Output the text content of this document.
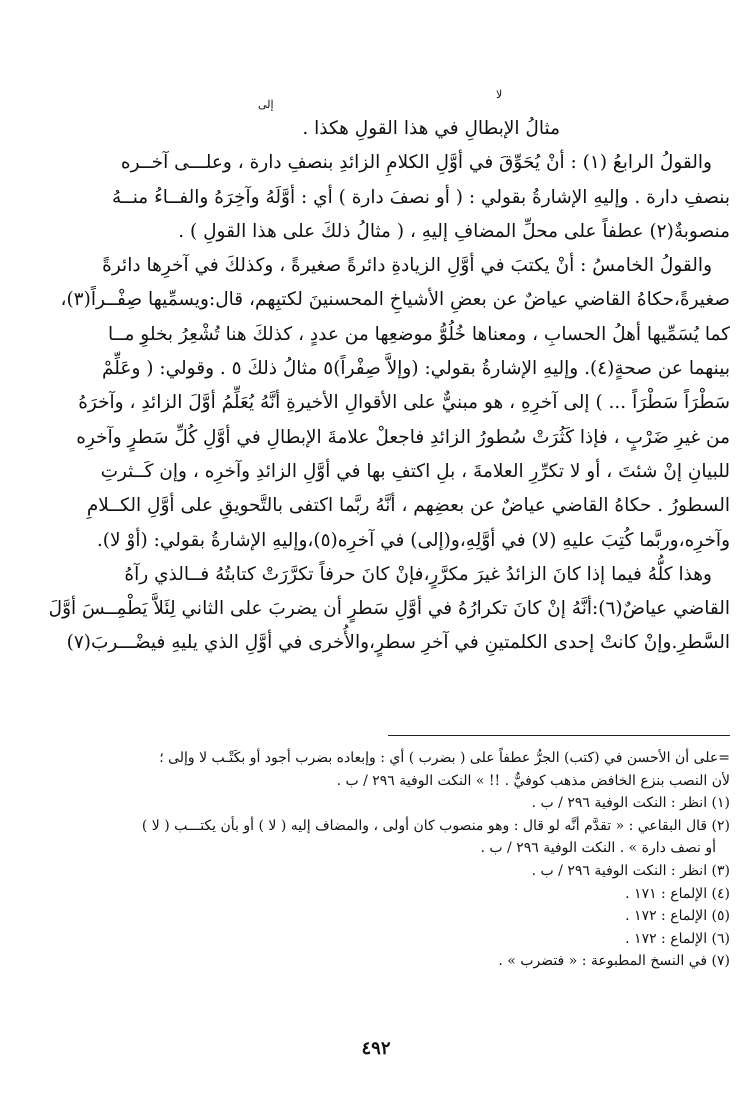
لا
إلى
مثالُ الإبطالِ في هذا القولِ هكذا .
والقولُ الرابعُ (١) : أنْ يُحَوِّقَ في أوَّلِ الكلامِ الزائدِ بنصفِ دارة ، وعلـــى آخــره
بنصفِ دارة . وإليهِ الإشارةُ بقولي : ( أو نصفَ دارة ) أي : أوَّلَهُ وآخِرَهُ والفــاءُ منــهُ
منصوبةٌ(٢) عطفاً على محلِّ المضافِ إليهِ ، ( مثالُ ذلكَ على هذا القولِ ) .
والقولُ الخامسُ : أنْ يكتبَ في أوَّلِ الزيادةِ دائرةً صغيرةً ، وكذلكَ في آخرِها دائرةً
صغيرةً،حكاهُ القاضي عياضٌ عن بعضِ الأشياخِ المحسنينَ لكتبِهم، قال:ويسمِّيها صِفْــراً(٣)،
كما يُسَمِّيها أهلُ الحسابِ ، ومعناها خُلُوُّ موضعِها من عددٍ ، كذلكَ هنا تُشْعِرُ بخلوِ مــا
بينهما عن صحةٍ(٤). وإليهِ الإشارةُ بقولي: (وإلاَّ صِفْراً)٥ مثالُ ذلكَ ٥ . وقولي: ( وعَلِّمْ
سَطْرَاً سَطْرَاً ... ) إلى آخرِهِ ، هو مبنيٌّ على الأقوالِ الأخيرةِ أنَّهُ يُعَلِّمُ أوَّلَ الزائدِ ، وآخرَهُ
من غيرِ ضَرْبٍ ، فإذا كَثُرَتْ سُطورُ الزائدِ فاجعلْ علامةَ الإبطالِ في أوَّلِ كُلِّ سَطرٍ وآخرِه
للبيانِ إنْ شئتَ ، أو لا تكرِّرِ العلامةَ ، بلِ اكتفِ بها في أوَّلِ الزائدِ وآخرِه ، وإن كَــثرتِ
السطورُ . حكاهُ القاضي عياضٌ عن بعضِهم ، أنَّهُ ربَّما اكتفى بالتَّحويقِ على أوَّلِ الكــلامِ
وآخرِه،وربَّما كُتِبَ عليهِ (لا) في أوَّلِهِ،و(إلى) في آخرِه(٥)،وإليهِ الإشارةُ بقولي: (أوْ لا).
وهذا كلُّهُ فيما إذا كانَ الزائدُ غيرَ مكرَّرٍ،فإنْ كانَ حرفاً تكرَّرَتْ كتابتُهُ فــالذي رآهُ
القاضي عياضٌ(٦):أنَّهُ إنْ كانَ تكرارُهُ في أوَّلِ سَطرٍ أن يضربَ على الثاني لِئَلاَّ يَطْمِــسَ أوَّلَ
السَّطرِ.وإنْ كانتْ إحدى الكلمتينِ في آخرِ سطرٍ،والأُخرى في أوَّلِ الذي يليهِ فيضْـــربَ(٧)
=على أن الأحسن في (كتب) الجرُّ عطفاً على ( بضرب ) أي : وإبعاده بضرب أجود أو بكَتْـب لا وإلى ؛
لأن النصب بنزع الخافض مذهب كوفيٌّ . !! » النكت الوفية ٢٩٦ / ب .
(١) انظر : النكت الوفية ٢٩٦ / ب .
(٢) قال البقاعي : « تقدَّم أنَّه لو قال : وهو منصوب كان أولى ، والمضاف إليه ( لا ) أو بأن يكتـــب ( لا )
أو نصف دارة » . النكت الوفية ٢٩٦ / ب .
(٣) انظر : النكت الوفية ٢٩٦ / ب .
(٤) الإلماع : ١٧١ .
(٥) الإلماع : ١٧٢ .
(٦) الإلماع : ١٧٢ .
(٧) في النسخ المطبوعة : « فتضرب » .
٤٩٢
